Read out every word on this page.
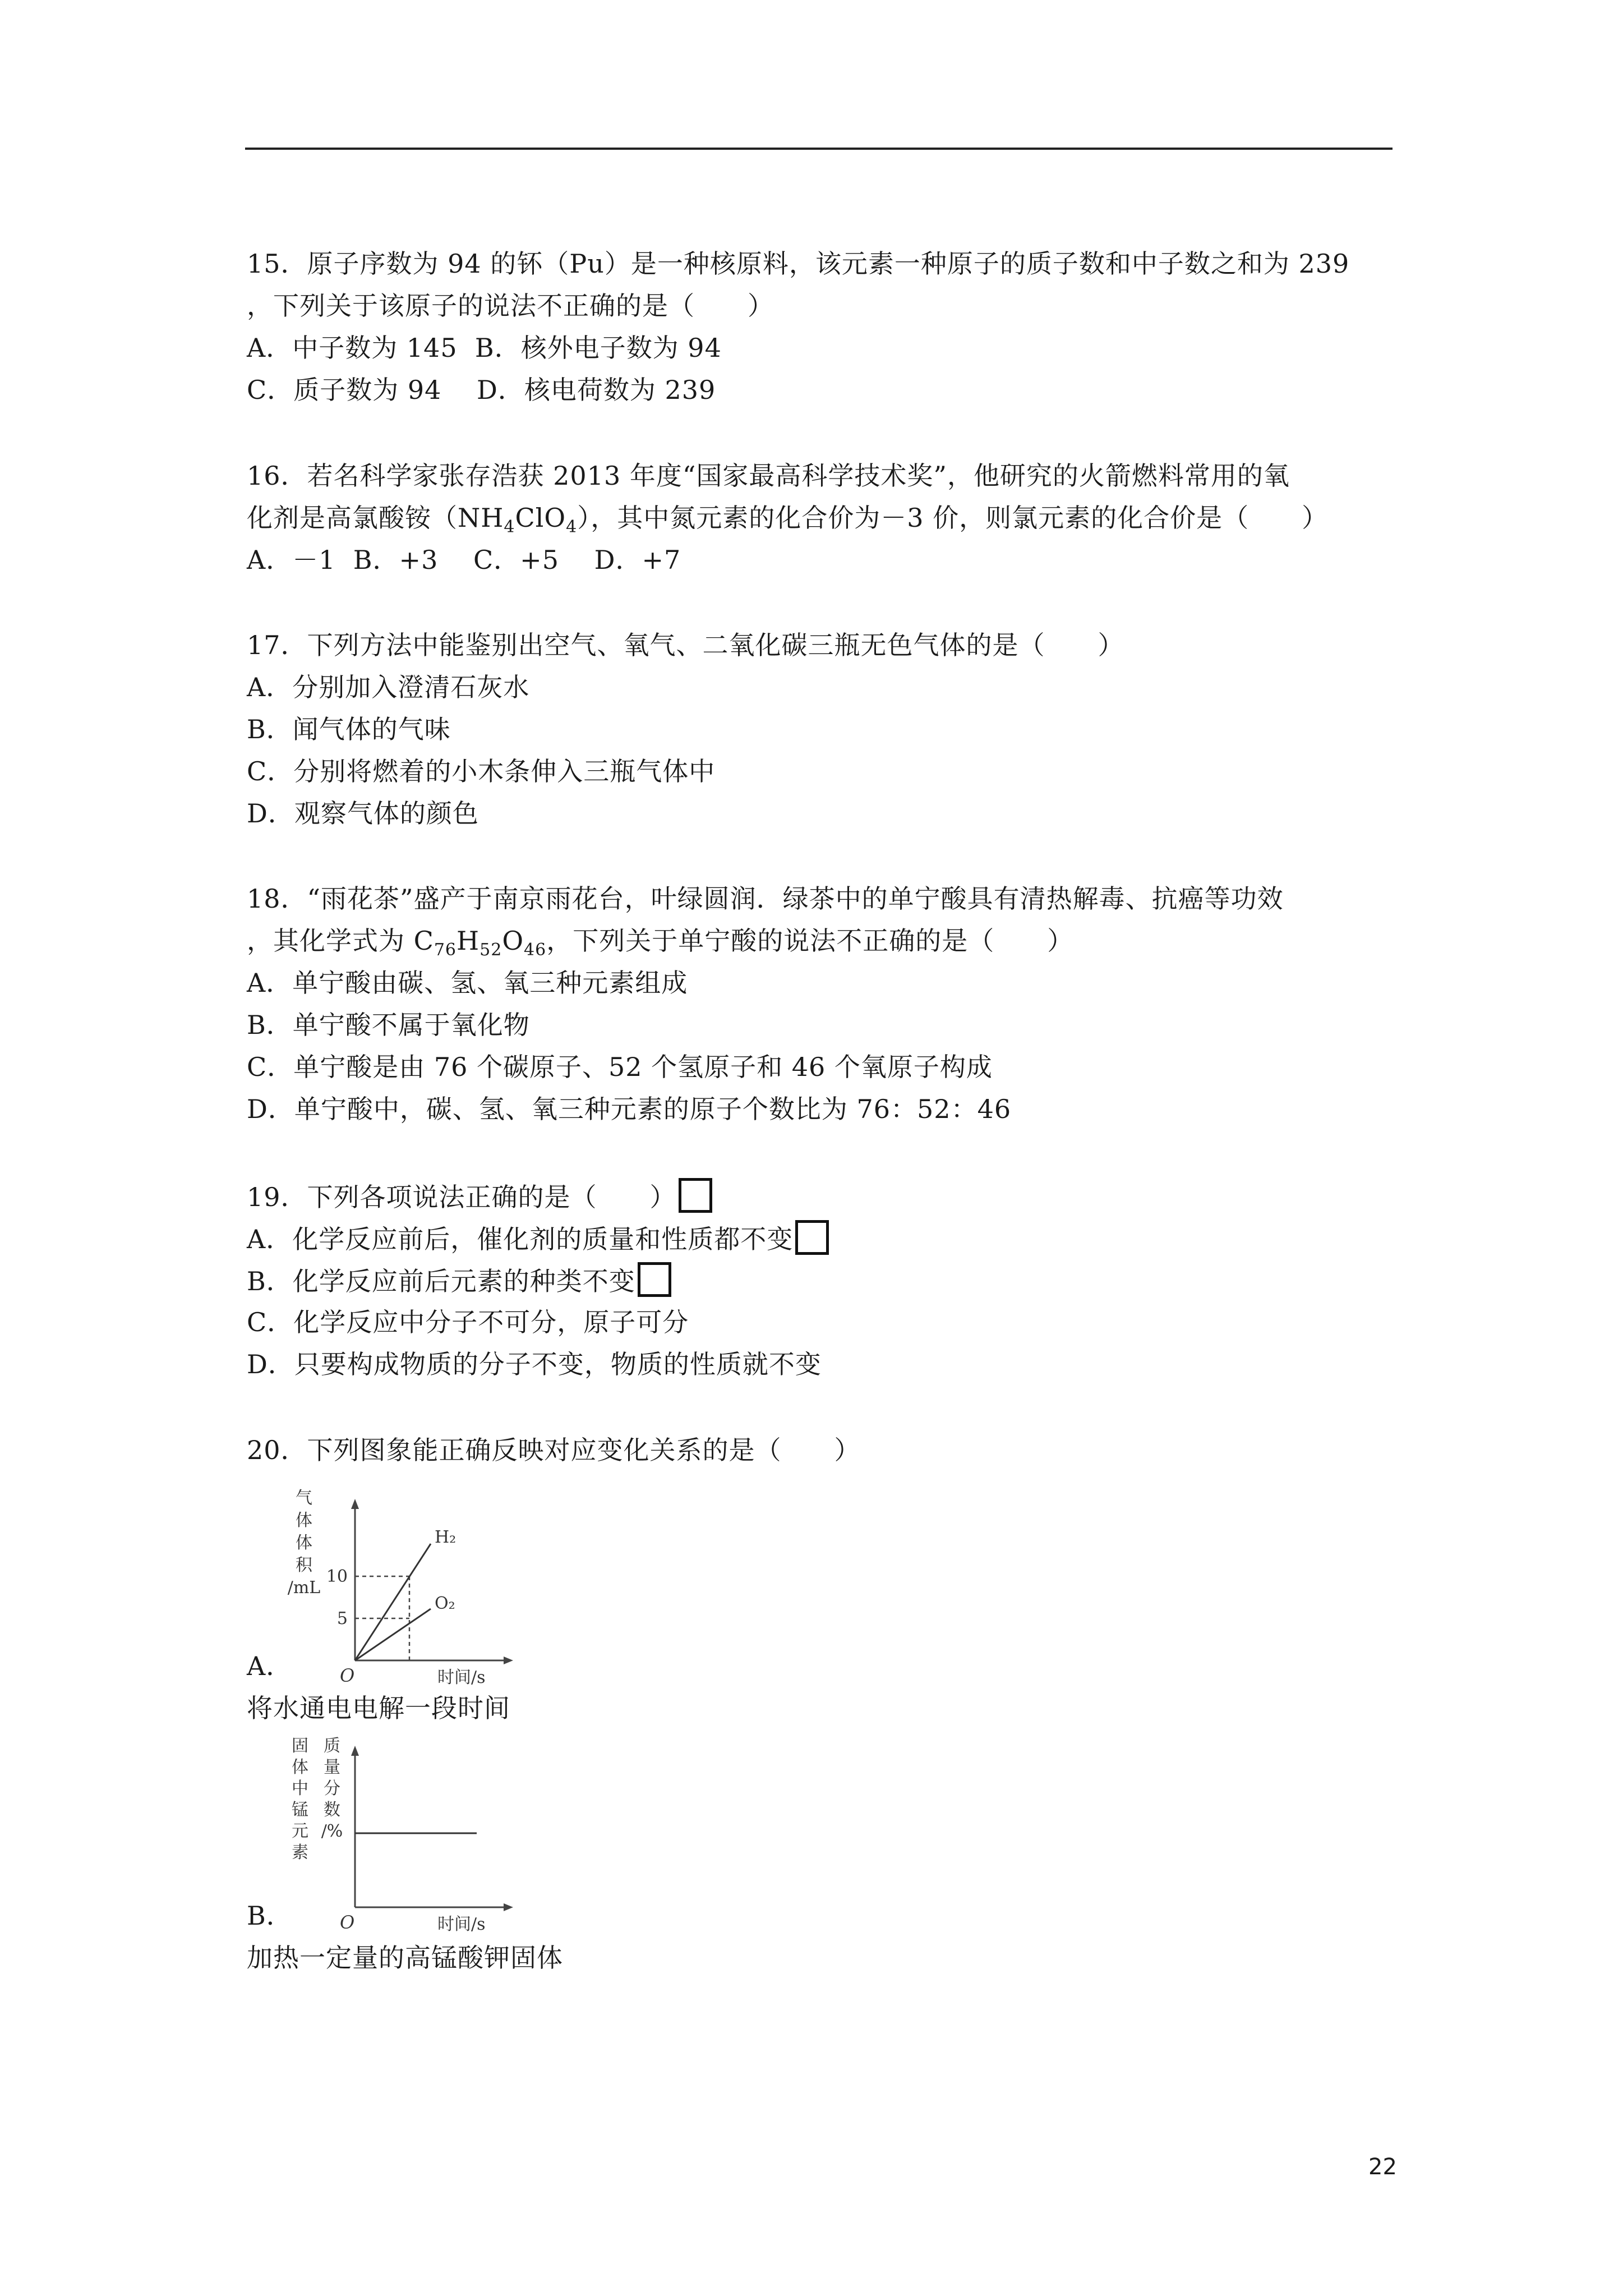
15．原子序数为 94 的钚（Pu）是一种核原料，该元素一种原子的质子数和中子数之和为 239
，下列关于该原子的说法不正确的是（　　）
A．中子数为 145  B．核外电子数为 94
C．质子数为 94　 D．核电荷数为 239
16．若名科学家张存浩获 2013 年度“国家最高科学技术奖”，他研究的火箭燃料常用的氧
化剂是高氯酸铵$(NH_4ClO_4)$，其中氮元素的化合价为－3 价，则氯元素的化合价是（　　）
A．－1  B．+3　 C．+5　 D．+7
17．下列方法中能鉴别出空气、氧气、二氧化碳三瓶无色气体的是（　　）
A．分别加入澄清石灰水
B．闻气体的气味
C．分别将燃着的小木条伸入三瓶气体中
D．观察气体的颜色
18．“雨花茶”盛产于南京雨花台，叶绿圆润．绿茶中的单宁酸具有清热解毒、抗癌等功效
，其化学式为 $C_{76}H_{52}O_{46}$，下列关于单宁酸的说法不正确的是（　　）
A．单宁酸由碳、氢、氧三种元素组成
B．单宁酸不属于氧化物
C．单宁酸是由 76 个碳原子、52 个氢原子和 46 个氧原子构成
D．单宁酸中，碳、氢、氧三种元素的原子个数比为 76：52：46
19．下列各项说法正确的是（　　）
A．化学反应前后，催化剂的质量和性质都不变
B．化学反应前后元素的种类不变
C．化学反应中分子不可分，原子可分
D．只要构成物质的分子不变，物质的性质就不变
20．下列图象能正确反映对应变化关系的是（　　）
气体体积/mL
10
5
H₂
O₂
O	时间/s
A．
将水通电电解一段时间
固体中锰元素
质量分数/%
O	时间/s
B．
加热一定量的高锰酸钾固体
22
